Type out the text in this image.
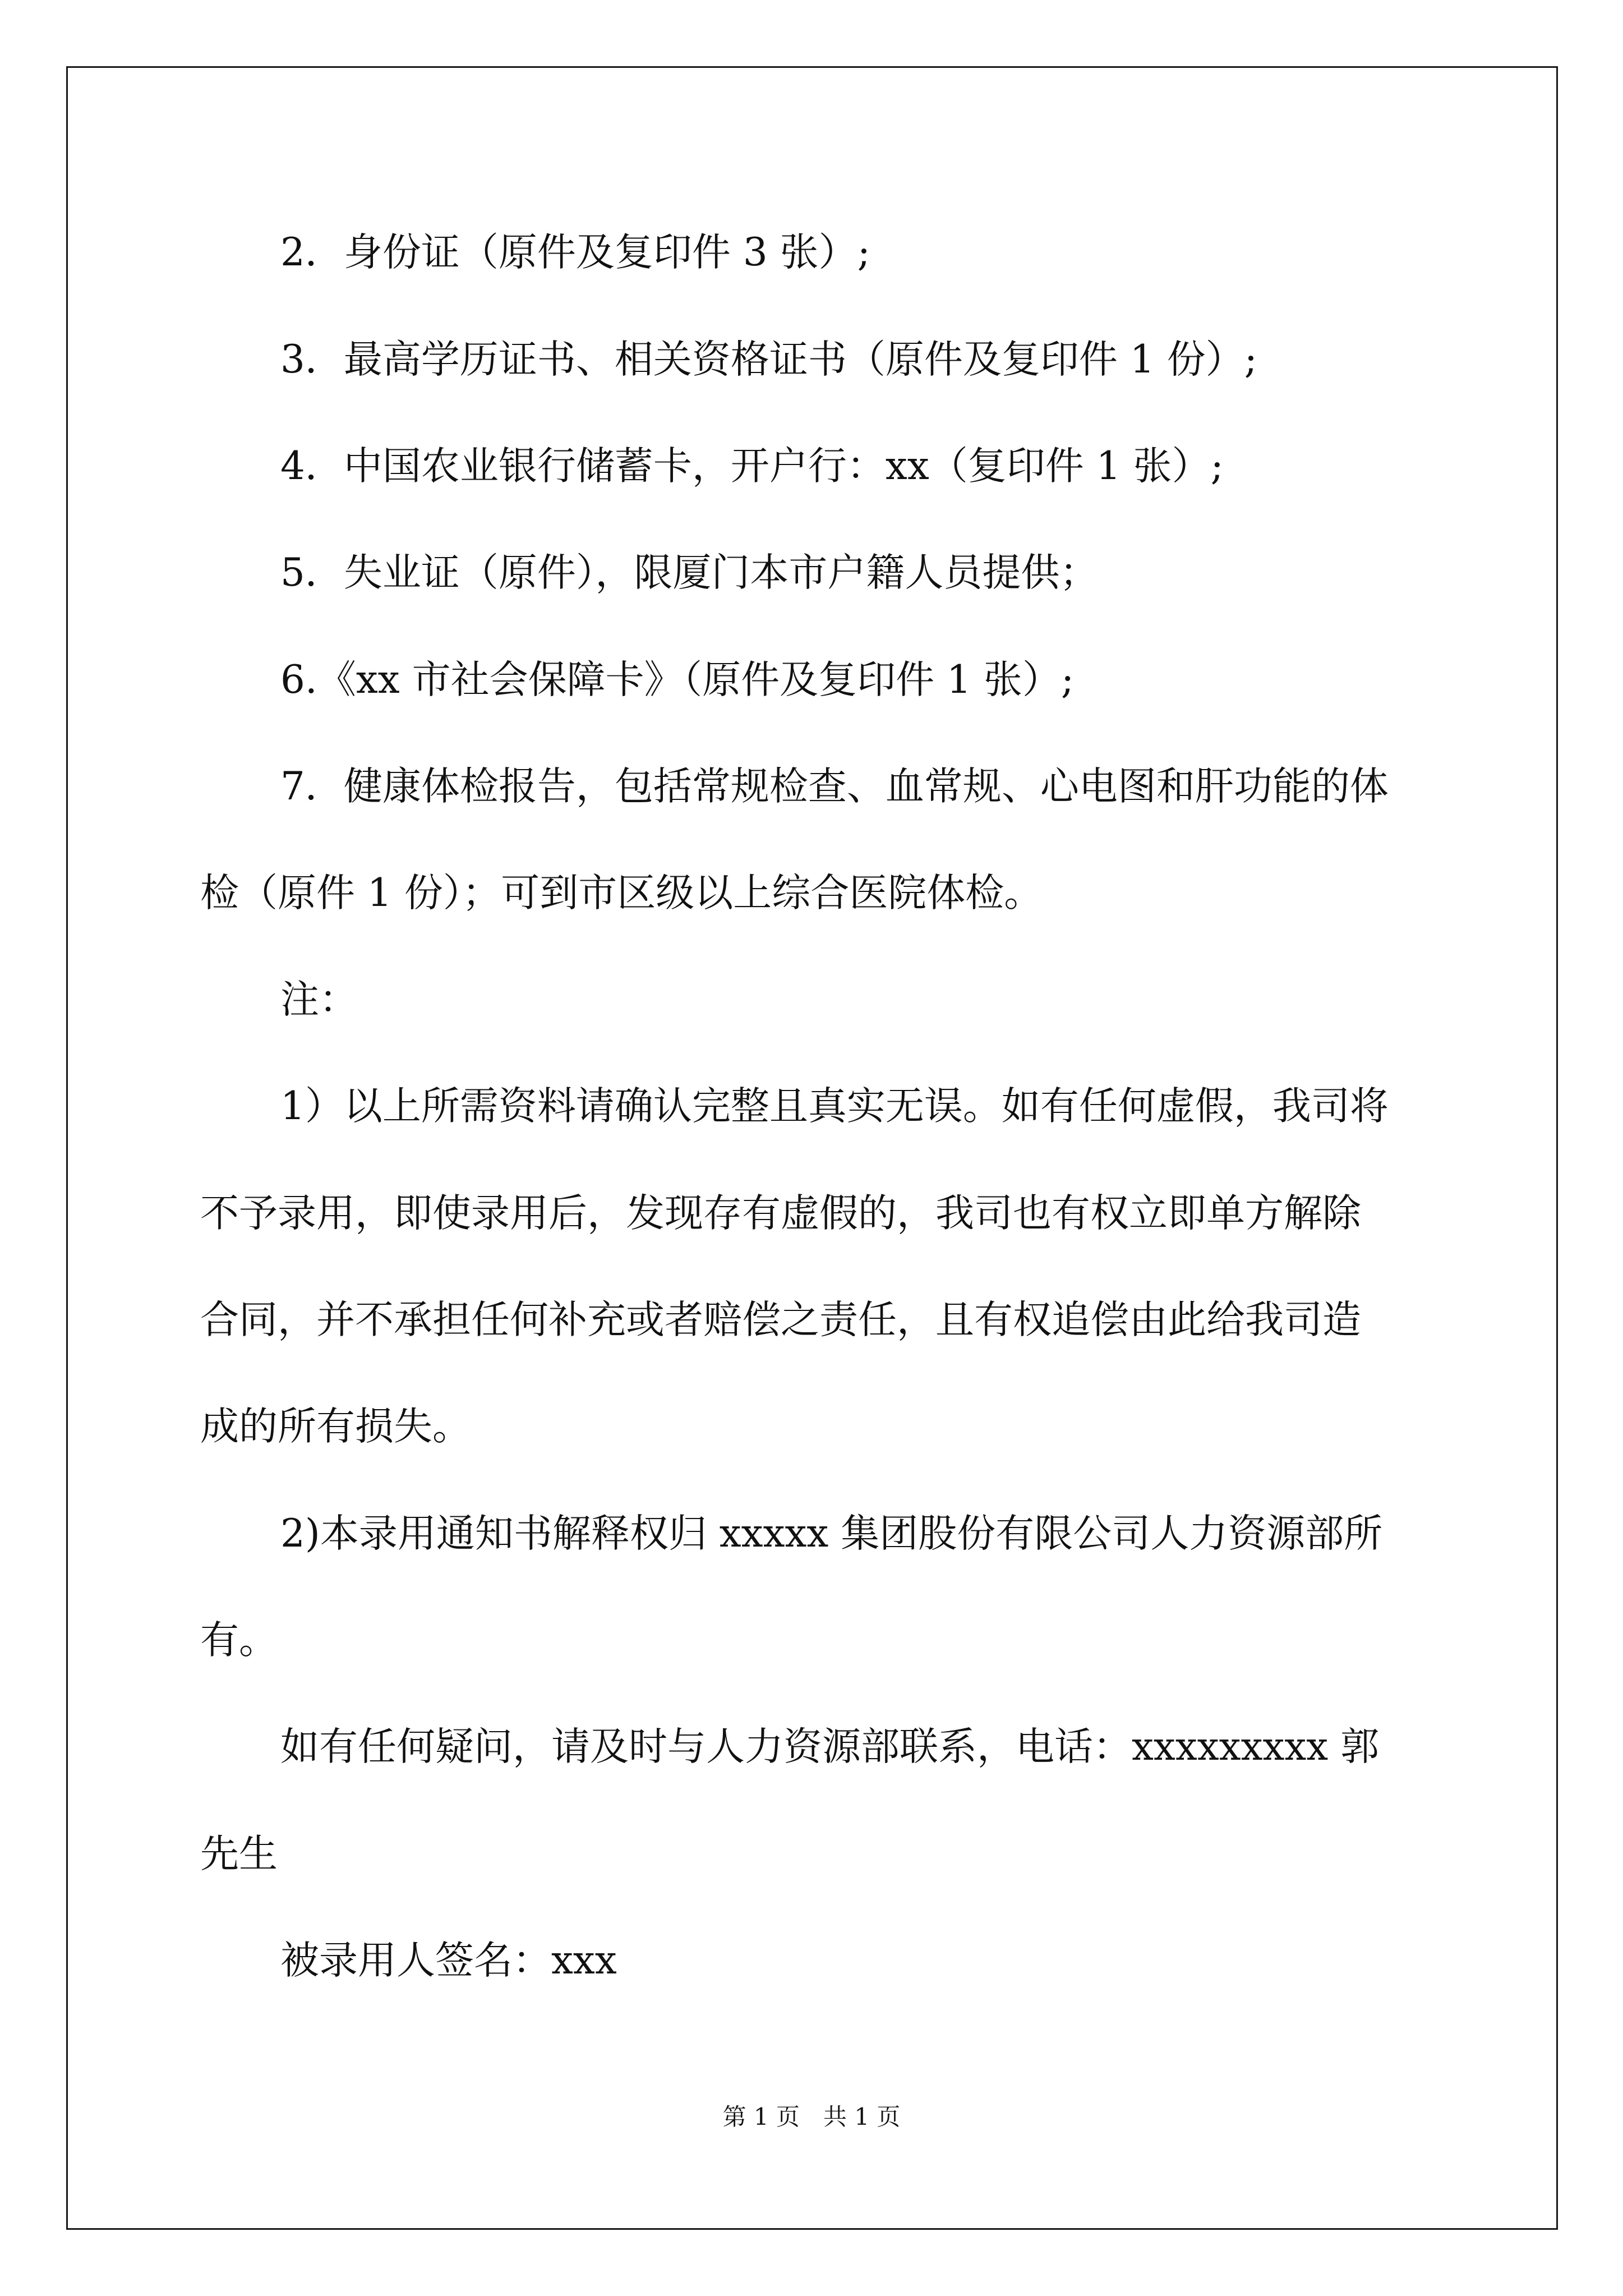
2．身份证（原件及复印件 3 张）;

3．最高学历证书、相关资格证书（原件及复印件 1 份）;

4．中国农业银行储蓄卡，开户行：xx（复印件 1 张）;

5．失业证（原件），限厦门本市户籍人员提供；

6.《xx 市社会保障卡》（原件及复印件 1 张）;

7．健康体检报告，包括常规检查、血常规、心电图和肝功能的体

检（原件 1 份）；可到市区级以上综合医院体检。

注：

1）以上所需资料请确认完整且真实无误。如有任何虚假，我司将

不予录用，即使录用后，发现存有虚假的，我司也有权立即单方解除

合同，并不承担任何补充或者赔偿之责任，且有权追偿由此给我司造

成的所有损失。

2)本录用通知书解释权归 xxxxx 集团股份有限公司人力资源部所

有。

如有任何疑问，请及时与人力资源部联系，电话：xxxxxxxxx 郭

先生

被录用人签名：xxx

第 1 页　共 1 页
